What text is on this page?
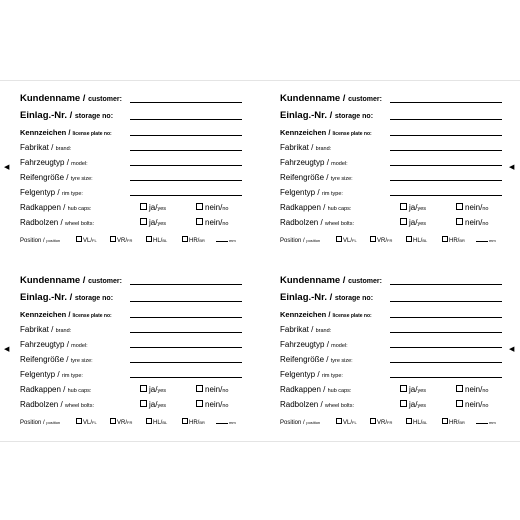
◀
Kundenname / customer:
Einlag.-Nr. / storage no:
Kennzeichen / license plate no:
Fabrikat / brand:
Fahrzeugtyp / model:
Reifengröße / tyre size:
Felgentyp / rim type:
Radkappen / hub caps:	ja/yes	nein/no
Radbolzen / wheel bolts:	ja/yes	nein/no
Position / position	VL/FL	VR/FR	HL/BL	HR/BR	mm
◀
Kundenname / customer:
Einlag.-Nr. / storage no:
Kennzeichen / license plate no:
Fabrikat / brand:
Fahrzeugtyp / model:
Reifengröße / tyre size:
Felgentyp / rim type:
Radkappen / hub caps:	ja/yes	nein/no
Radbolzen / wheel bolts:	ja/yes	nein/no
Position / position	VL/FL	VR/FR	HL/BL	HR/BR	mm
◀
Kundenname / customer:
Einlag.-Nr. / storage no:
Kennzeichen / license plate no:
Fabrikat / brand:
Fahrzeugtyp / model:
Reifengröße / tyre size:
Felgentyp / rim type:
Radkappen / hub caps:	ja/yes	nein/no
Radbolzen / wheel bolts:	ja/yes	nein/no
Position / position	VL/FL	VR/FR	HL/BL	HR/BR	mm
◀
Kundenname / customer:
Einlag.-Nr. / storage no:
Kennzeichen / license plate no:
Fabrikat / brand:
Fahrzeugtyp / model:
Reifengröße / tyre size:
Felgentyp / rim type:
Radkappen / hub caps:	ja/yes	nein/no
Radbolzen / wheel bolts:	ja/yes	nein/no
Position / position	VL/FL	VR/FR	HL/BL	HR/BR	mm
